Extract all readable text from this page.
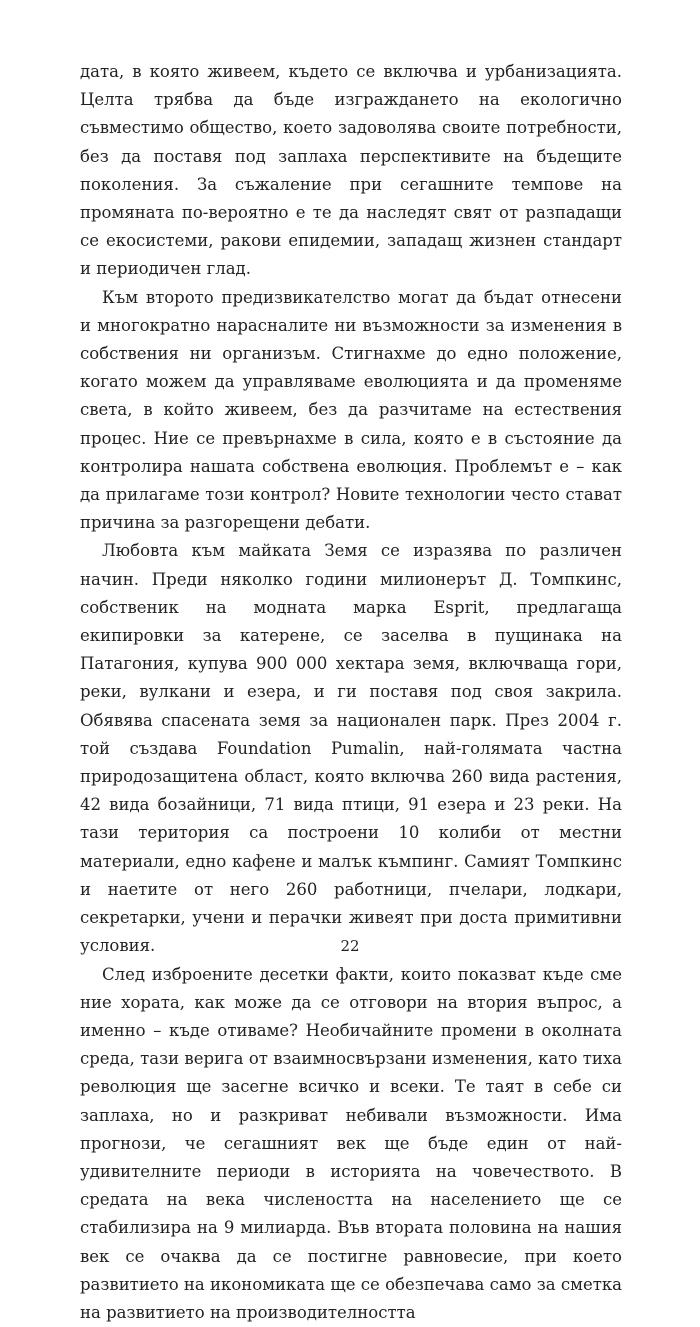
дата, в която живеем, където се включва и урбанизацията. Целта трябва да бъде изграждането на екологично съвместимо общество, което задоволява своите потребности, без да поставя под заплаха перспективите на бъдещите поколения. За съжаление при сегашните темпове на промяната по-вероятно е те да наследят свят от разпадащи се екосистеми, ракови епидемии, западащ жизнен стандарт и периодичен глад.

Към второто предизвикателство могат да бъдат отнесени и многократно нарасналите ни възможности за изменения в собствения ни организъм. Стигнахме до едно положение, когато можем да управляваме еволюцията и да променяме света, в който живеем, без да разчитаме на естествения процес. Ние се превърнахме в сила, която е в състояние да контролира нашата собствена еволюция. Проблемът е – как да прилагаме този контрол? Новите технологии често стават причина за разгорещени дебати.

Любовта към майката Земя се изразява по различен начин. Преди няколко години милионерът Д. Томпкинс, собственик на модната марка Esprit, предлагаща екипировки за катерене, се заселва в пущинака на Патагония, купува 900 000 хектара земя, включваща гори, реки, вулкани и езера, и ги поставя под своя закрила. Обявява спасената земя за национален парк. През 2004 г. той създава Foundation Pumalin, най-голямата частна природозащитена област, която включва 260 вида растения, 42 вида бозайници, 71 вида птици, 91 езера и 23 реки. На тази територия са построени 10 колиби от местни материали, едно кафене и малък къмпинг. Самият Томпкинс и наетите от него 260 работници, пчелари, лодкари, секретарки, учени и перачки живеят при доста примитивни условия.

След изброените десетки факти, които показват къде сме ние хората, как може да се отговори на втория въпрос, а именно – къде отиваме? Необичайните промени в околната среда, тази верига от взаимносвързани изменения, като тиха революция ще засегне всичко и всеки. Те таят в себе си заплаха, но и разкриват небивали възможности. Има прогнози, че сегашният век ще бъде един от най-удивителните периоди в историята на човечеството. В средата на века числеността на населението ще се стабилизира на 9 милиарда. Във втората половина на нашия век се очаква да се постигне равновесие, при което развитието на икономиката ще се обезпечава само за сметка на развитието на производителността

22
